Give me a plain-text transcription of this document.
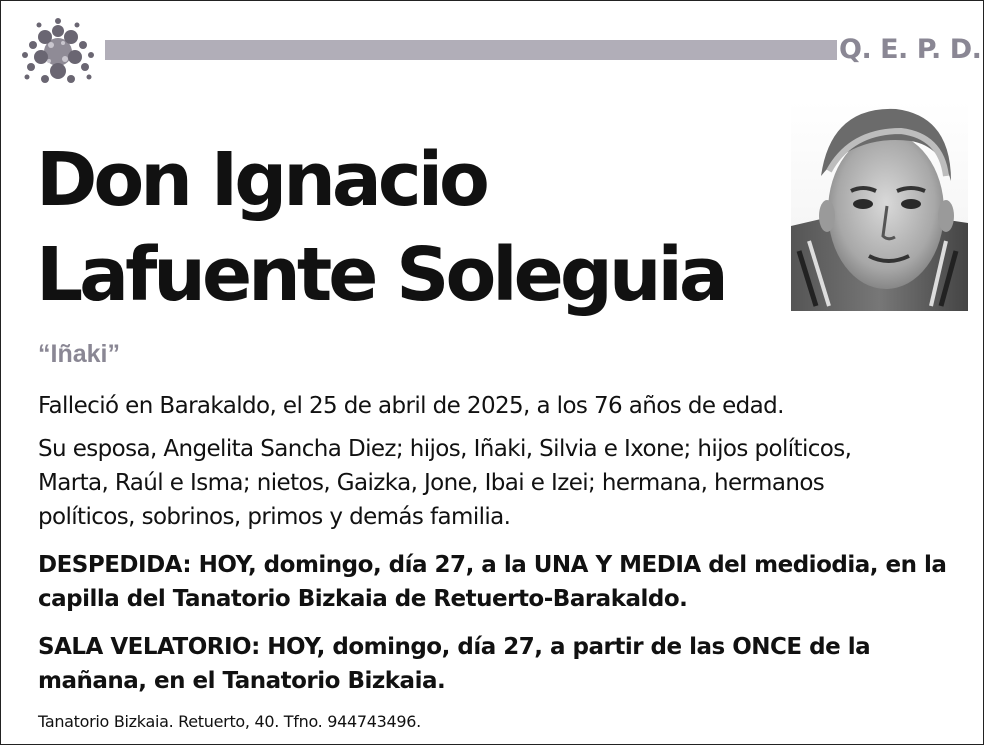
Q. E. P. D.
Don Ignacio
Lafuente Soleguia
“Iñaki”
Falleció en Barakaldo, el 25 de abril de 2025, a los 76 años de edad.
Su esposa, Angelita Sancha Diez; hijos, Iñaki, Silvia e Ixone; hijos políticos,
Marta, Raúl e Isma; nietos, Gaizka, Jone, Ibai e Izei; hermana, hermanos
políticos, sobrinos, primos y demás familia.
DESPEDIDA: HOY, domingo, día 27, a la UNA Y MEDIA del mediodia, en la
capilla del Tanatorio Bizkaia de Retuerto-Barakaldo.
SALA VELATORIO: HOY, domingo, día 27, a partir de las ONCE de la
mañana, en el Tanatorio Bizkaia.
Tanatorio Bizkaia. Retuerto, 40. Tfno. 944743496.
